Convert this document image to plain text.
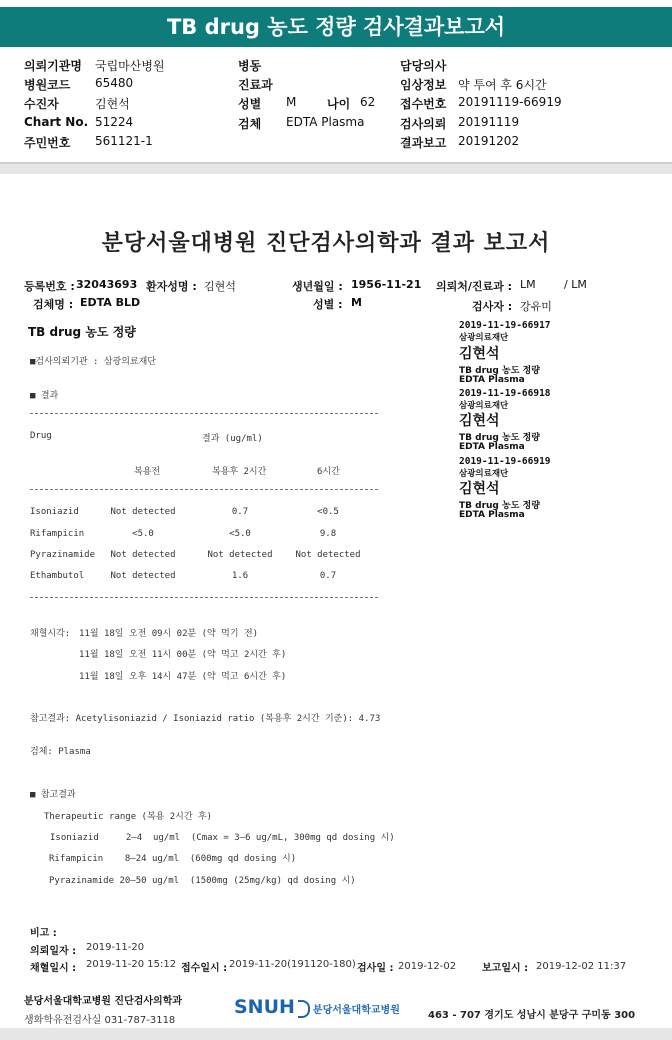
TB drug 농도 정량 검사결과보고서
의뢰기관명 국립마산병원
병원코드 65480
수진자	김현석
Chart No. 51224
주민번호 561121-1
병동
진료과
성별 M	나이 62
검체 EDTA Plasma
담당의사
임상정보 약 투여 후 6시간
접수번호 20191119-66919
검사의뢰 20191119
결과보고 20191202
분당서울대병원 진단검사의학과 결과 보고서
등록번호 : 32043693 환자성명 : 김현석	생년월일 : 1956-11-21 의뢰처/진료과 : LM	/ LM
검체명 : EDTA BLD	성별 : M	검사자 : 강유미
TB drug 농도 정량
■검사의뢰기관 : 삼광의료재단
■ 결과
Drug	결과 (ug/ml)
복용전	복용후 2시간	6시간
Isoniazid	Not detected	0.7	<0.5
Rifampicin	<5.0	<5.0	9.8
Pyrazinamide Not detected	Not detected	Not detected
Ethambutol	Not detected	1.6	0.7
채혈시각: 11월 18일 오전 09시 02분 (약 먹기 전)
11월 18일 오전 11시 00분 (약 먹고 2시간 후)
11월 18일 오후 14시 47분 (약 먹고 6시간 후)
참고결과: Acetylisoniazid / Isoniazid ratio (복용후 2시간 기준): 4.73
검체: Plasma
■ 참고결과
Therapeutic range (복용 2시간 후)
Isoniazid     2–4  ug/ml  (Cmax = 3–6 ug/mL, 300mg qd dosing 시)
Rifampicin    8–24 ug/ml  (600mg qd dosing 시)
Pyrazinamide 20–50 ug/ml  (1500mg (25mg/kg) qd dosing 시)
2019-11-19-66917
삼광의료재단
김현석
TB drug 농도 정량
EDTA Plasma
2019-11-19-66918
삼광의료재단
김현석
TB drug 농도 정량
EDTA Plasma
2019-11-19-66919
삼광의료재단
김현석
TB drug 농도 정량
EDTA Plasma
비고 :
의뢰일자 : 2019-11-20
채혈일시 : 2019-11-20 15:12 접수일시 : 2019-11-20(191120-180) 검사일 : 2019-12-02	보고일시 : 2019-12-02 11:37
분당서울대학교병원 진단검사의학과
생화학유전검사실 031-787-3118
SNUH 분당서울대학교병원	463 - 707 경기도 성남시 분당구 구미동 300
